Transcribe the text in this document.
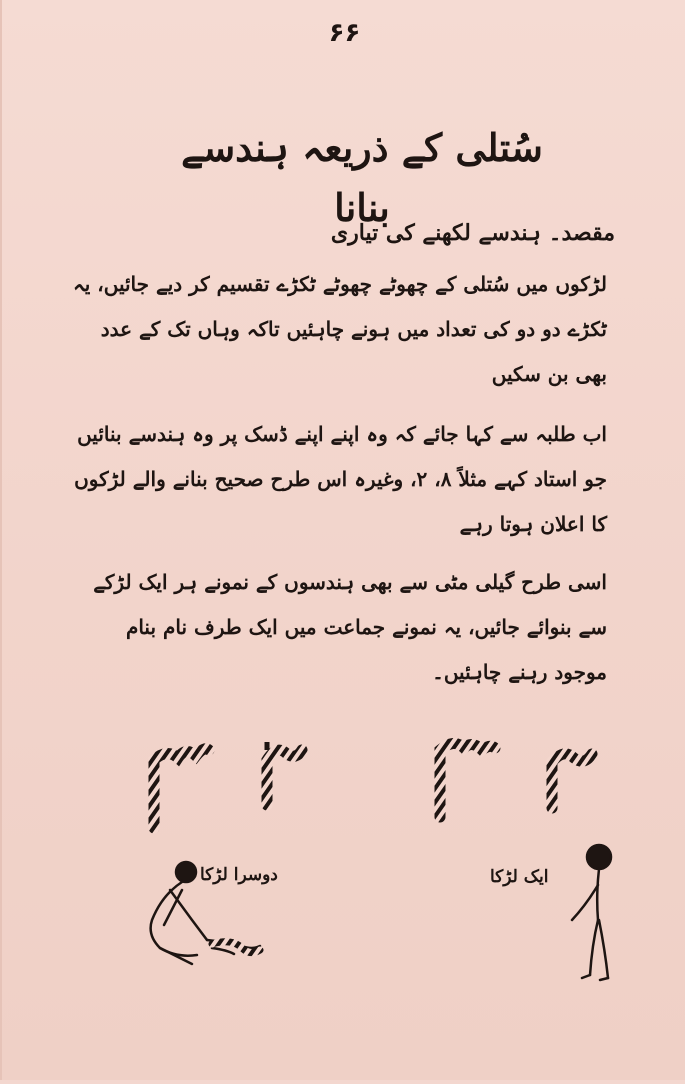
۶۶
سُتلی کے ذریعہ ہندسے بنانا
مقصد۔ ہندسے لکھنے کی تیاری
لڑکوں میں سُتلی کے چھوٹے چھوٹے ٹکڑے تقسیم کر دیے جائیں، یہ ٹکڑے دو دو کی تعداد میں ہونے چاہئیں تاکہ وہاں تک کے عدد بھی بن سکیں
اب طلبہ سے کہا جائے کہ وہ اپنے اپنے ڈسک پر وہ ہندسے بنائیں جو استاد کہے مثلاً ۸، ۲، وغیرہ اس طرح صحیح بنانے والے لڑکوں کا اعلان ہوتا رہے
اسی طرح گیلی مٹی سے بھی ہندسوں کے نمونے ہر ایک لڑکے سے بنوائے جائیں، یہ نمونے جماعت میں ایک طرف نام بنام موجود رہنے چاہئیں۔
دوسرا لڑکا	ایک لڑکا
